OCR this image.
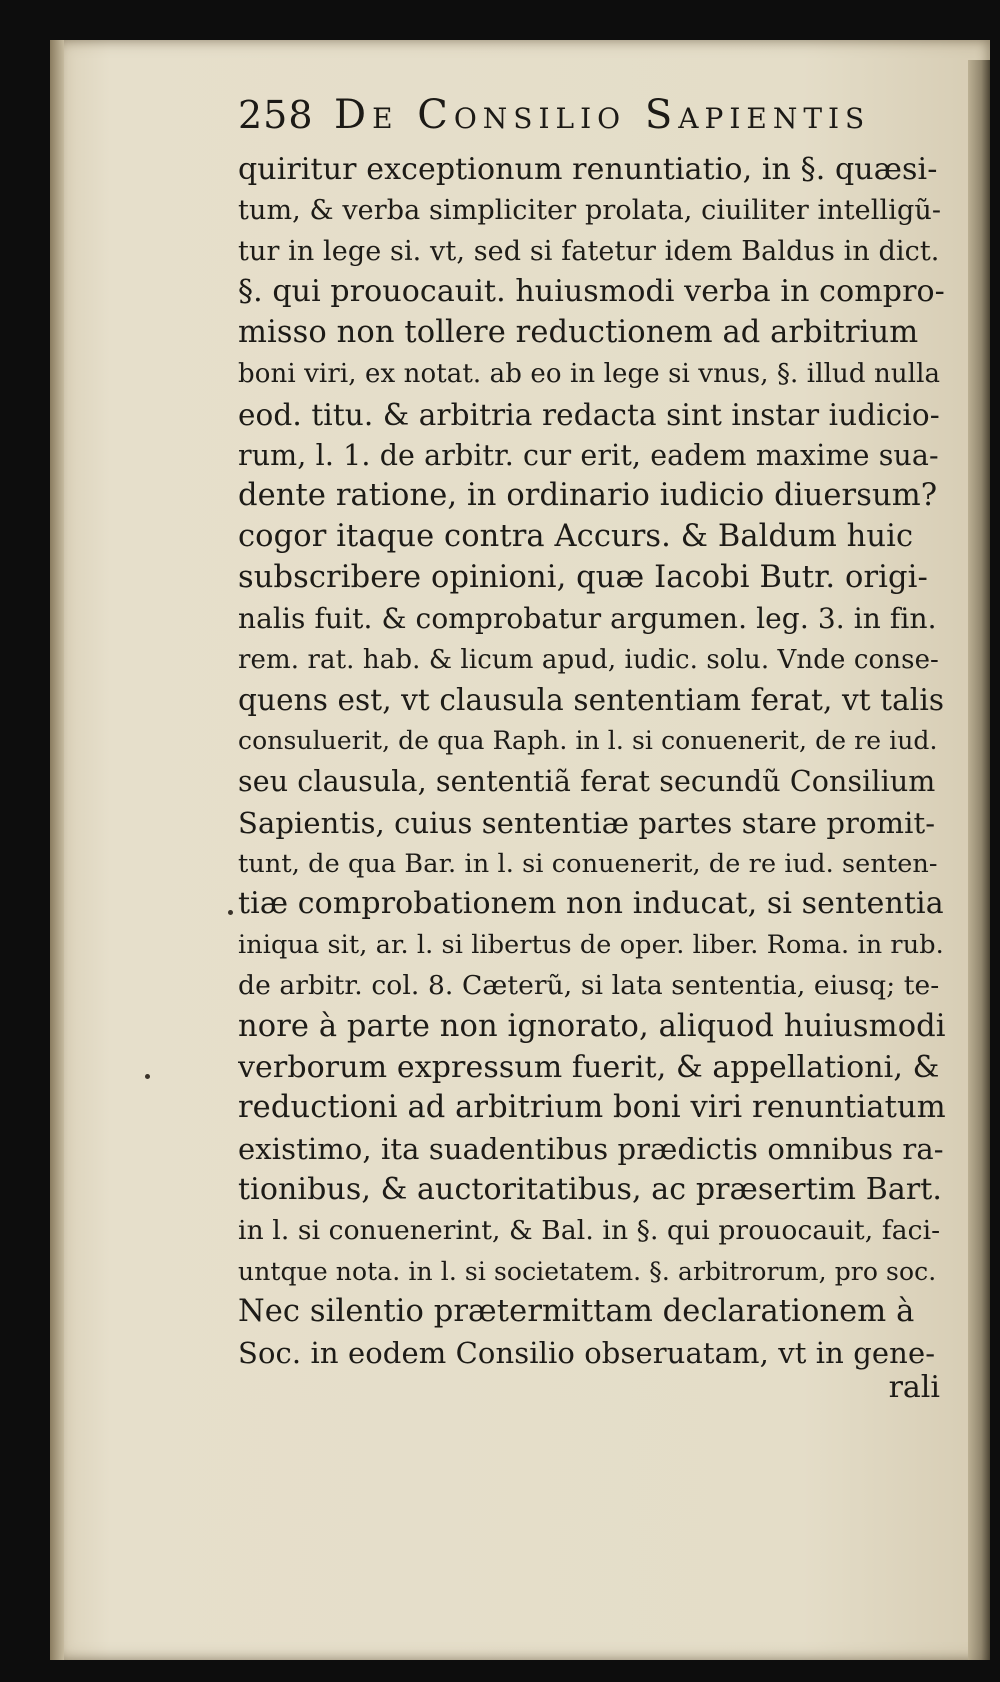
258 De Consilio Sapientis
quiritur exceptionum renuntiatio, in §. quæsi-
tum, & verba simpliciter prolata, ciuiliter intelligũ-
tur in lege si. vt, sed si fatetur idem Baldus in dict.
§. qui prouocauit. huiusmodi verba in compro-
misso non tollere reductionem ad arbitrium
boni viri, ex notat. ab eo in lege si vnus, §. illud nulla
eod. titu. & arbitria redacta sint instar iudicio-
rum, l. 1. de arbitr. cur erit, eadem maxime sua-
dente ratione, in ordinario iudicio diuersum?
cogor itaque contra Accurs. & Baldum huic
subscribere opinioni, quæ Iacobi Butr. origi-
nalis fuit. & comprobatur argumen. leg. 3. in fin.
rem. rat. hab. & licum apud, iudic. solu. Vnde conse-
quens est, vt clausula sententiam ferat, vt talis
consuluerit, de qua Raph. in l. si conuenerit, de re iud.
seu clausula, sententiã ferat secundũ Consilium
Sapientis, cuius sententiæ partes stare promit-
tunt, de qua Bar. in l. si conuenerit, de re iud. senten-
tiæ comprobationem non inducat, si sententia
iniqua sit, ar. l. si libertus de oper. liber. Roma. in rub.
de arbitr. col. 8. Cæterũ, si lata sententia, eiusq; te-
nore à parte non ignorato, aliquod huiusmodi
verborum expressum fuerit, & appellationi, &
reductioni ad arbitrium boni viri renuntiatum
existimo, ita suadentibus prædictis omnibus ra-
tionibus, & auctoritatibus, ac præsertim Bart.
in l. si conuenerint, & Bal. in §. qui prouocauit, faci-
untque nota. in l. si societatem. §. arbitrorum, pro soc.
Nec silentio prætermittam declarationem à
Soc. in eodem Consilio obseruatam, vt in gene-
rali
